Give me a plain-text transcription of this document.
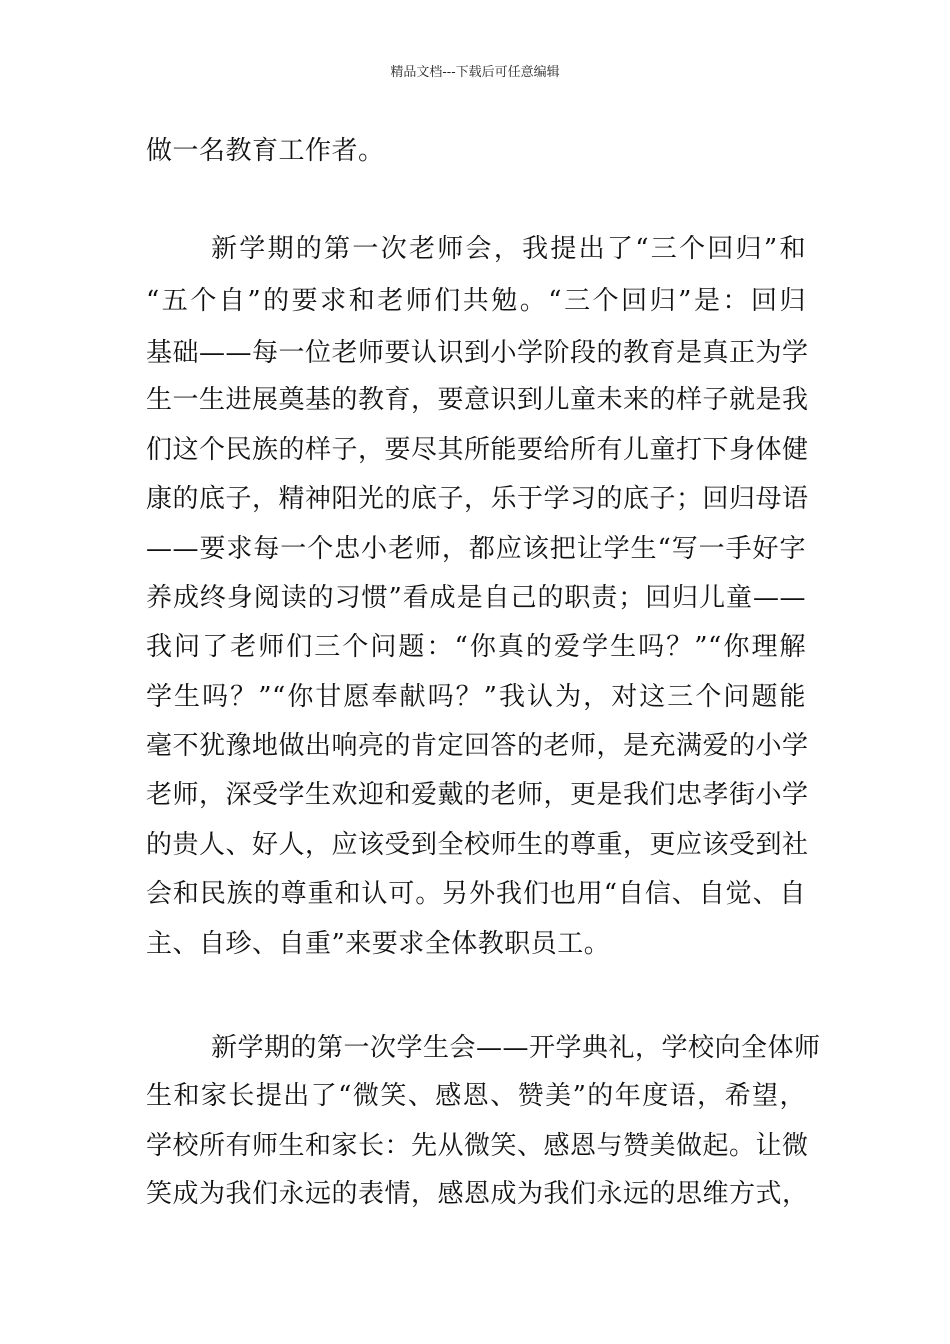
精品文档---下载后可任意编辑
做一名教育工作者。
新学期的第一次老师会，我提出了“三个回归”和
“五个自”的要求和老师们共勉。“三个回归”是：回归
基础——每一位老师要认识到小学阶段的教育是真正为学
生一生进展奠基的教育，要意识到儿童未来的样子就是我
们这个民族的样子，要尽其所能要给所有儿童打下身体健
康的底子，精神阳光的底子，乐于学习的底子；回归母语
——要求每一个忠小老师，都应该把让学生“写一手好字
养成终身阅读的习惯”看成是自己的职责；回归儿童——
我问了老师们三个问题：“你真的爱学生吗？”“你理解
学生吗？”“你甘愿奉献吗？”我认为，对这三个问题能
毫不犹豫地做出响亮的肯定回答的老师，是充满爱的小学
老师，深受学生欢迎和爱戴的老师，更是我们忠孝街小学
的贵人、好人，应该受到全校师生的尊重，更应该受到社
会和民族的尊重和认可。另外我们也用“自信、自觉、自
主、自珍、自重”来要求全体教职员工。
新学期的第一次学生会——开学典礼，学校向全体师
生和家长提出了“微笑、感恩、赞美”的年度语，希望，
学校所有师生和家长：先从微笑、感恩与赞美做起。让微
笑成为我们永远的表情，感恩成为我们永远的思维方式，
